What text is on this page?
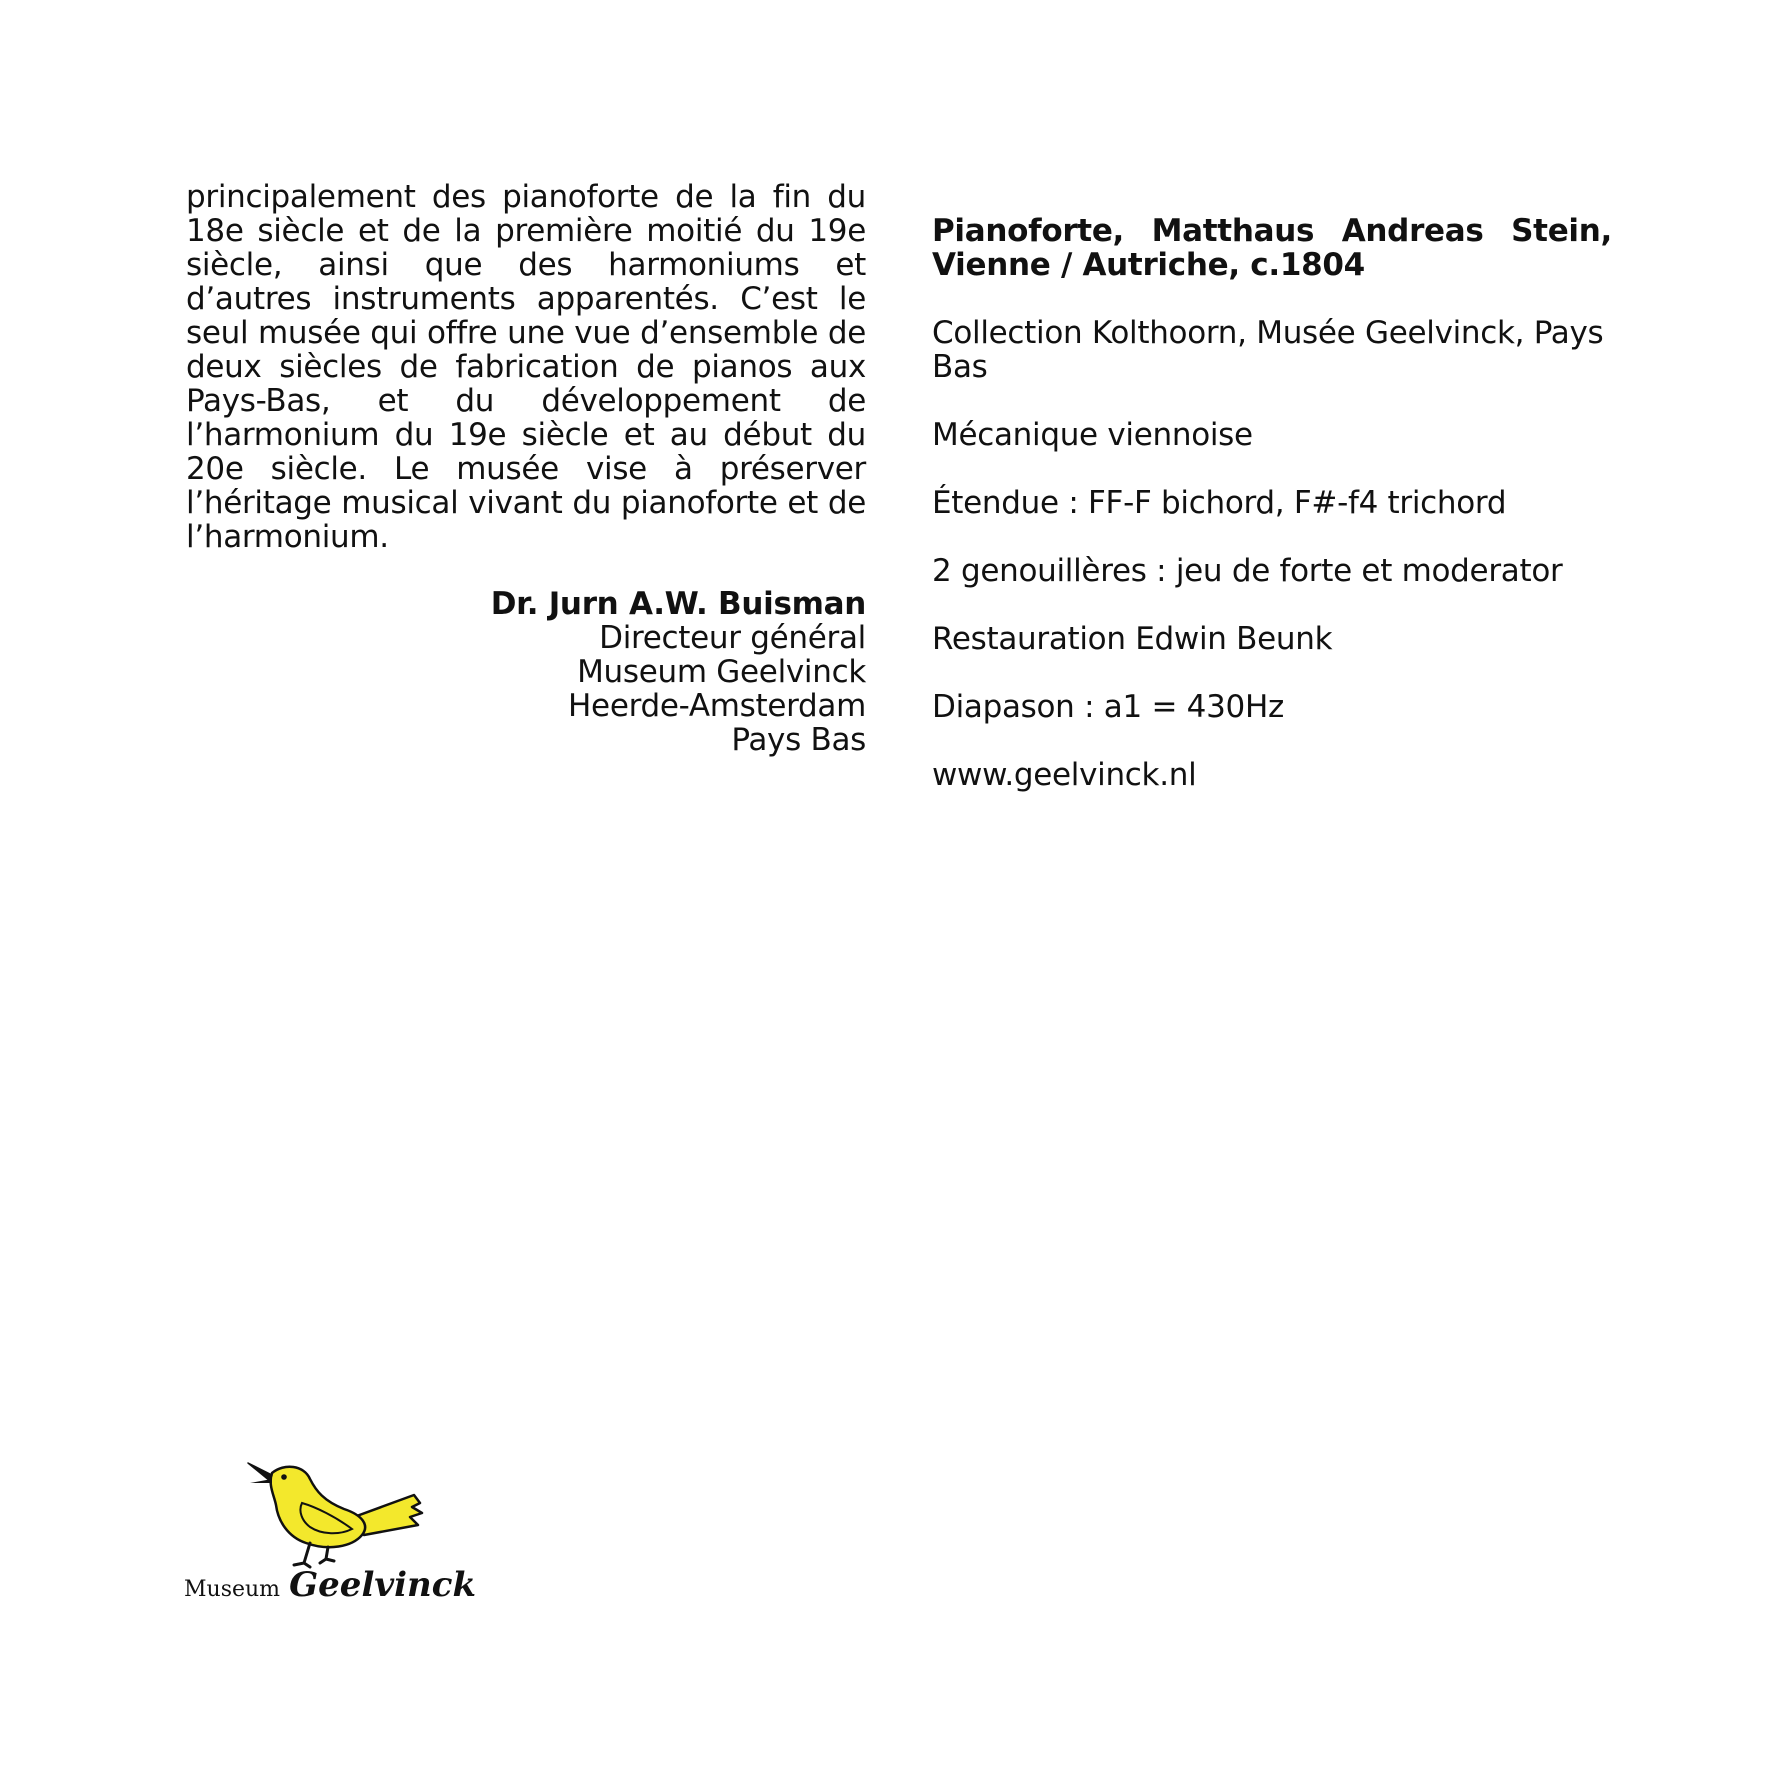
principalement des pianoforte de la fin du 18e siècle et de la première moitié du 19e siècle, ainsi que des harmoniums et d’autres instruments apparentés. C’est le seul musée qui offre une vue d’ensemble de deux siècles de fabrication de pianos aux Pays-Bas, et du développement de l’harmonium du 19e siècle et au début du 20e siècle. Le musée vise à préserver l’héritage musical vivant du pianoforte et de l’harmonium.

Dr. Jurn A.W. Buisman
Directeur général
Museum Geelvinck
Heerde-Amsterdam
Pays Bas

Pianoforte, Matthaus Andreas Stein, Vienne / Autriche, c.1804

Collection Kolthoorn, Musée Geelvinck, Pays Bas

Mécanique viennoise

Étendue : FF-F bichord, F#-f4 trichord

2 genouillères : jeu de forte et moderator

Restauration Edwin Beunk

Diapason : a1 = 430Hz

www.geelvinck.nl

Museum Geelvinck
